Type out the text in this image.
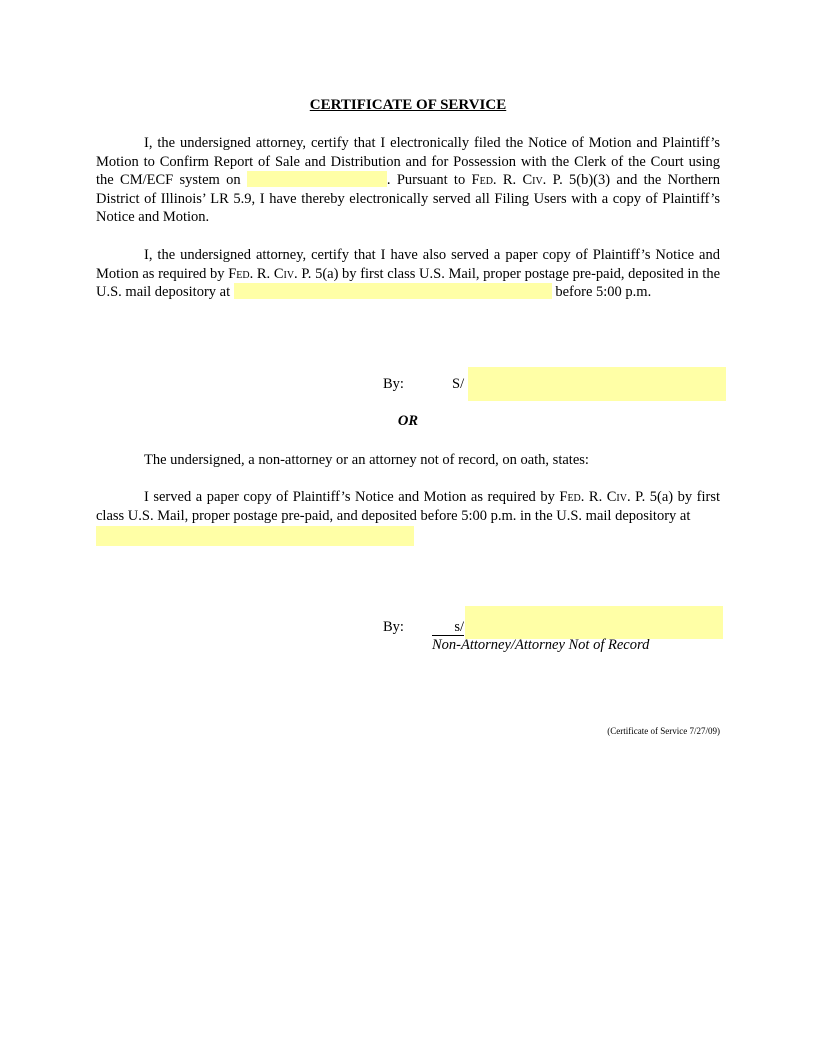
CERTIFICATE OF SERVICE
I, the undersigned attorney, certify that I electronically filed the Notice of Motion and Plaintiff’s Motion to Confirm Report of Sale and Distribution and for Possession with the Clerk of the Court using the CM/ECF system on	. Pursuant to Fed. R. Civ. P. 5(b)(3) and the Northern District of Illinois’ LR 5.9, I have thereby electronically served all Filing Users with a copy of Plaintiff’s Notice and Motion.
I, the undersigned attorney, certify that I have also served a paper copy of Plaintiff’s Notice and Motion as required by Fed. R. Civ. P. 5(a) by first class U.S. Mail, proper postage pre-paid, deposited in the U.S. mail depository at	before 5:00 p.m.
By:	S/
OR
The undersigned, a non-attorney or an attorney not of record, on oath, states:
I served a paper copy of Plaintiff’s Notice and Motion as required by Fed. R. Civ. P. 5(a) by first class U.S. Mail, proper postage pre-paid, and deposited before 5:00 p.m. in the U.S. mail depository at
By:	s/
Non-Attorney/Attorney Not of Record
(Certificate of Service 7/27/09)
